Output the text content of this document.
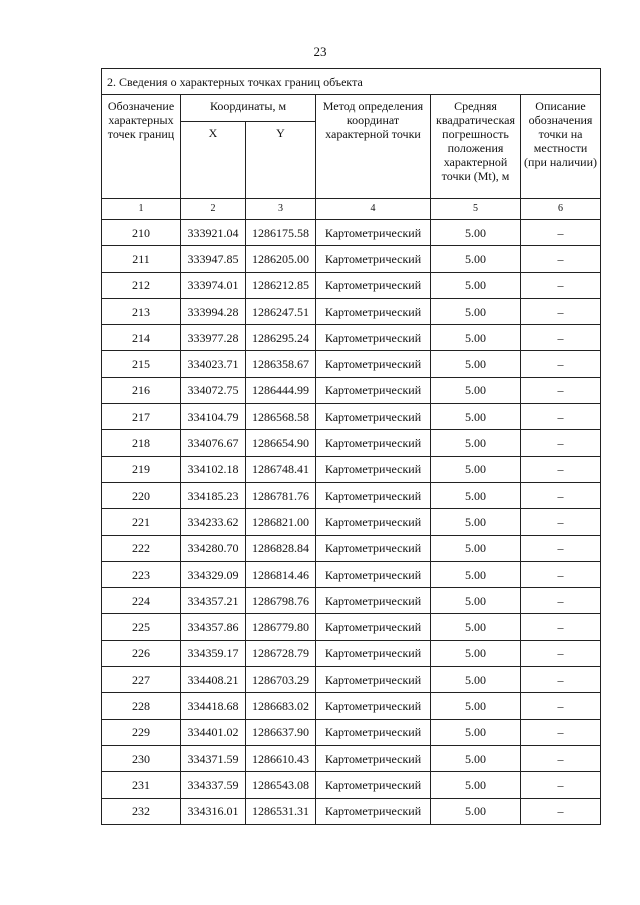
23
2. Сведения о характерных точках границ объекта					
Обозначение характерных точек границ	Координаты, м		Метод определения координат характерной точки	Средняя квадратическая погрешность положения характерной точки (Mt), м	Описание обозначения точки на местности (при наличии)
	X	Y			
1	2	3	4	5	6
210	333921.04	1286175.58	Картометрический	5.00	–
211	333947.85	1286205.00	Картометрический	5.00	–
212	333974.01	1286212.85	Картометрический	5.00	–
213	333994.28	1286247.51	Картометрический	5.00	–
214	333977.28	1286295.24	Картометрический	5.00	–
215	334023.71	1286358.67	Картометрический	5.00	–
216	334072.75	1286444.99	Картометрический	5.00	–
217	334104.79	1286568.58	Картометрический	5.00	–
218	334076.67	1286654.90	Картометрический	5.00	–
219	334102.18	1286748.41	Картометрический	5.00	–
220	334185.23	1286781.76	Картометрический	5.00	–
221	334233.62	1286821.00	Картометрический	5.00	–
222	334280.70	1286828.84	Картометрический	5.00	–
223	334329.09	1286814.46	Картометрический	5.00	–
224	334357.21	1286798.76	Картометрический	5.00	–
225	334357.86	1286779.80	Картометрический	5.00	–
226	334359.17	1286728.79	Картометрический	5.00	–
227	334408.21	1286703.29	Картометрический	5.00	–
228	334418.68	1286683.02	Картометрический	5.00	–
229	334401.02	1286637.90	Картометрический	5.00	–
230	334371.59	1286610.43	Картометрический	5.00	–
231	334337.59	1286543.08	Картометрический	5.00	–
232	334316.01	1286531.31	Картометрический	5.00	–
